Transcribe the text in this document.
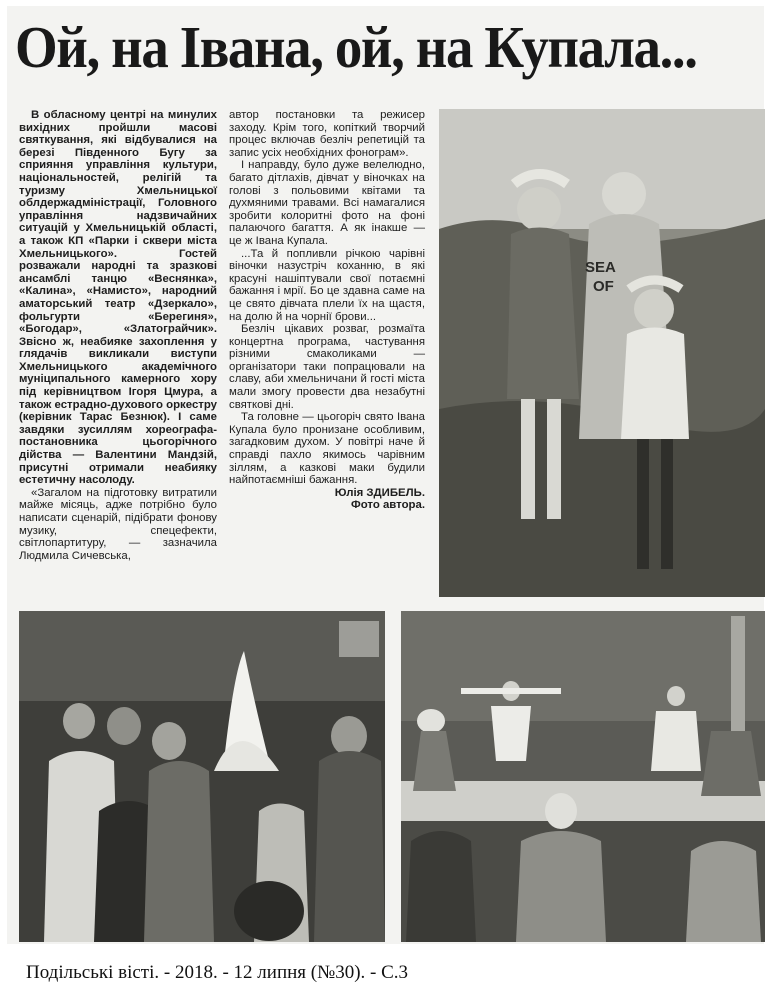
Ой, на Івана, ой, на Купала...

В обласному центрі на минулих вихідних пройшли масові святкування, які відбувалися на березі Південного Бугу за сприяння управління культури, національностей, релігій та туризму Хмельницької облдержадміністрації, Головного управління надзвичайних ситуацій у Хмельницькій області, а також КП «Парки і сквери міста Хмельницького». Гостей розважали народні та зразкові ансамблі танцю «Веснянка», «Калина», «Намисто», народний аматорський театр «Дзеркало», фольгурти «Берегиня», «Богодар», «Златограйчик». Звісно ж, неабияке захоплення у глядачів викликали виступи Хмельницького академічного муніципального камерного хору під керівництвом Ігоря Цмура, а також естрадно-духового оркестру (керівник Тарас Безнюк). І саме завдяки зусиллям хореографа-постановника цьогорічного дійства — Валентини Мандзій, присутні отримали неабияку естетичну насолоду.

«Загалом на підготовку витратили майже місяць, адже потрібно було написати сценарій, підібрати фонову музику, спецефекти, світлопартитуру, — зазначила Людмила Сичевська,

автор постановки та режисер заходу. Крім того, копіткий творчий процес включав безліч репетицій та запис усіх необхідних фонограм».

І направду, було дуже велелюдно, багато дітлахів, дівчат у віночках на голові з польовими квітами та духмяними травами. Всі намагалися зробити колоритні фото на фоні палаючого багаття. А як інакше — це ж Івана Купала.

...Та й попливли річкою чарівні віночки назустріч коханню, в які красуні нашіптували свої потаємні бажання і мрії. Бо це здавна саме на це свято дівчата плели їх на щастя, на долю й на чорнії брови...

Безліч цікавих розваг, розмаїта концертна програма, частування різними смаколиками — організатори таки попрацювали на славу, аби хмельничани й гості міста мали змогу провести два незабутні святкові дні.

Та головне — цьогоріч свято Івана Купала було пронизане особливим, загадковим духом. У повітрі наче й справді пахло якимось чарівним зіллям, а казкові маки будили найпотаємніші бажання.

Юлія ЗДИБЕЛЬ.

Фото автора.

SEA
OF

Подільські вісті. - 2018. - 12 липня (№30). - С.3
